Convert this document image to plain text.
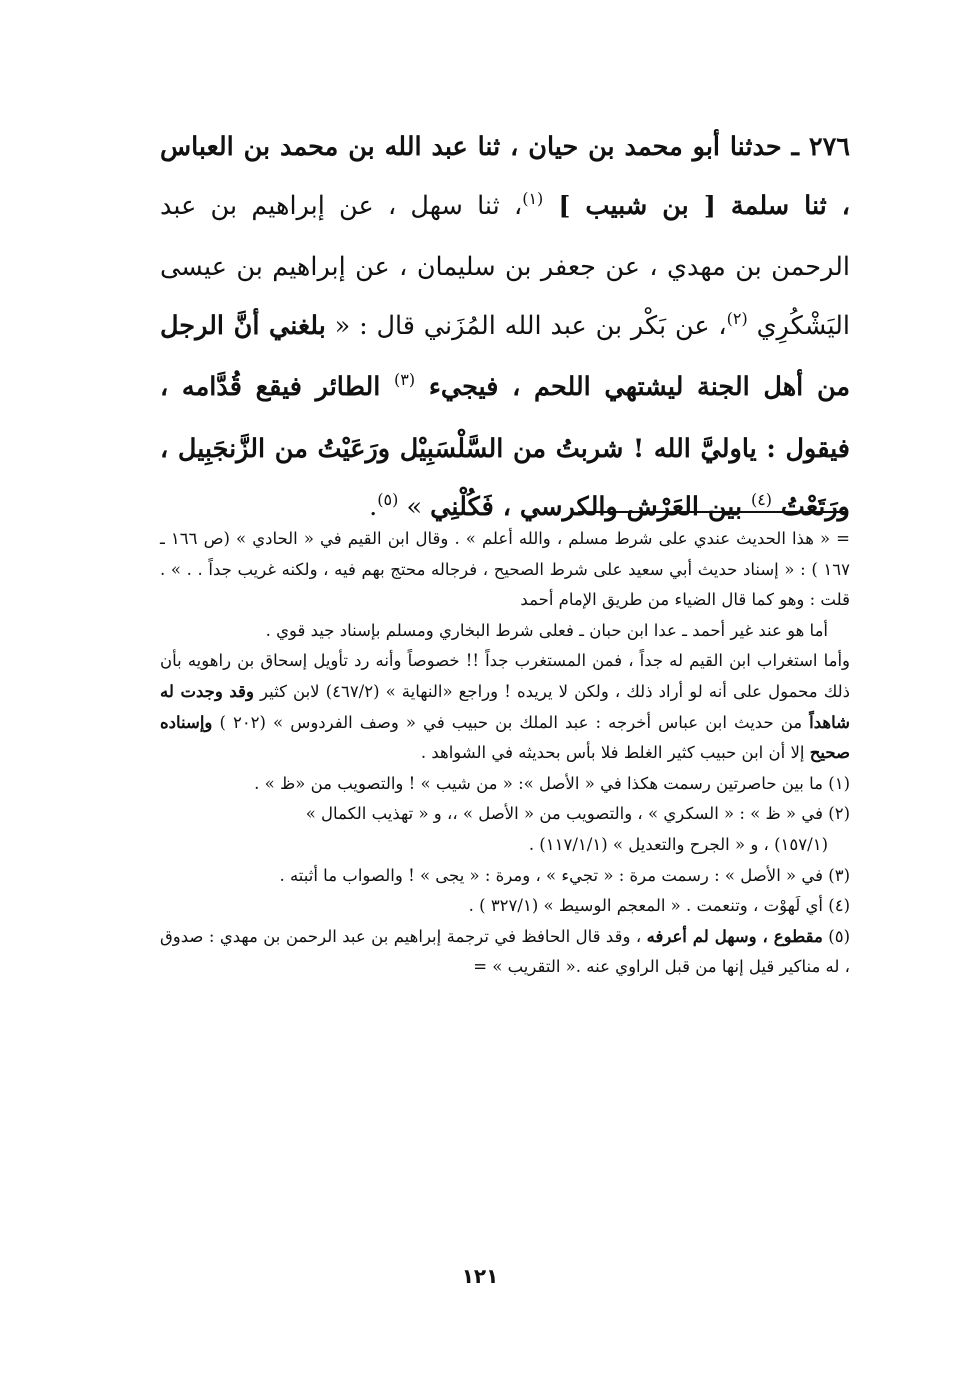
٢٧٦ ـ حدثنا أبو محمد بن حيان ، ثنا عبد الله بن محمد بن العباس ، ثنا سلمة [ بن شبيب ] $^{(١)}$، ثنا سهل ، عن إبراهيم بن عبد الرحمن بن مهدي ، عن جعفر بن سليمان ، عن إبراهيم بن عيسى اليَشْكُرِي $^{(٢)}$، عن بَكْر بن عبد الله المُزَني قال : « بلغني أنَّ الرجل من أهل الجنة ليشتهي اللحم ، فيجيء $^{(٣)}$ الطائر فيقع قُدَّامه ، فيقول : ياوليَّ الله ! شربتُ من السَّلْسَبِيْل ورَعَيْتُ من الزَّنجَبِيل ، ورَتَعْتُ $^{(٤)}$ بين العَرْش والكرسي ، فَكُلْنِي » $^{(٥)}$.

= « هذا الحديث عندي على شرط مسلم ، والله أعلم » . وقال ابن القيم في « الحادي » (ص ١٦٦ ـ ١٦٧ ) : « إسناد حديث أبي سعيد على شرط الصحيح ، فرجاله محتج بهم فيه ، ولكنه غريب جداً . . » . قلت : وهو كما قال الضياء من طريق الإمام أحمد

أما هو عند غير أحمد ـ عدا ابن حبان ـ فعلى شرط البخاري ومسلم بإسناد جيد قوي .

وأما استغراب ابن القيم له جداً ، فمن المستغرب جداً !! خصوصاً وأنه رد تأويل إسحاق بن راهويه بأن ذلك محمول على أنه لو أراد ذلك ، ولكن لا يريده ! وراجع «النهاية » (٤٦٧/٢) لابن كثير وقد وجدت له شاهداً من حديث ابن عباس أخرجه : عبد الملك بن حبيب في « وصف الفردوس » (٢٠٢ ) وإسناده صحيح إلا أن ابن حبيب كثير الغلط فلا بأس بحديثه في الشواهد .

(١) ما بين حاصرتين رسمت هكذا في « الأصل »: « من شيب » ! والتصويب من «ظ » .

(٢) في « ظ » : « السكري » ، والتصويب من « الأصل » ،، و « تهذيب الكمال »

(١٥٧/١) ، و « الجرح والتعديل » (١١٧/١/١) .

(٣) في « الأصل » : رسمت مرة : « تجيء » ، ومرة : « يجى » ! والصواب ما أثبته .

(٤) أي لَهوْت ، وتنعمت . « المعجم الوسيط » (٣٢٧/١ ) .

(٥) مقطوع ، وسهل لم أعرفه ، وقد قال الحافظ في ترجمة إبراهيم بن عبد الرحمن بن مهدي : صدوق ، له مناكير قيل إنها من قبل الراوي عنه .« التقريب » =

١٢١
